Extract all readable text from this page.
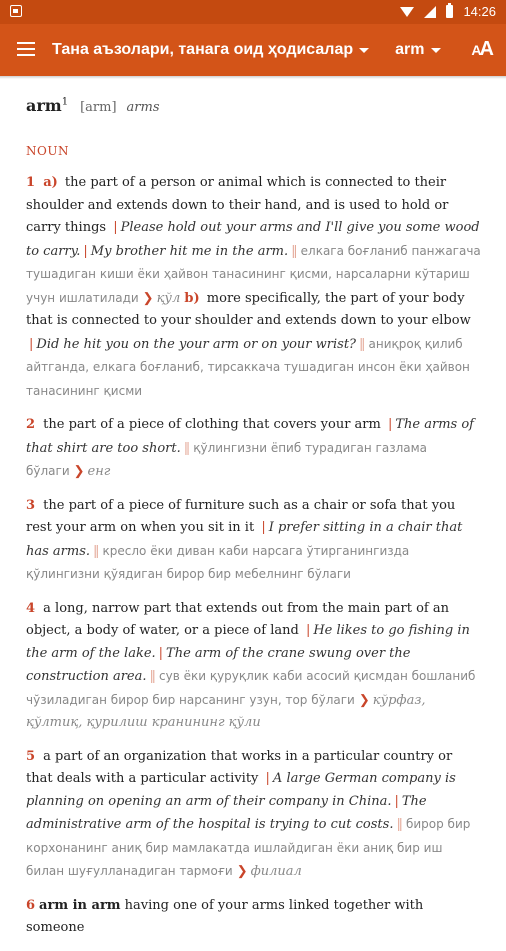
14:26
Тана аъзолари, танага оид ҳодисалар	arm	AA
arm$^1$ [arm] arms
NOUN
1 a) the part of a person or animal which is connected to their shoulder and extends down to their hand, and is used to hold or carry things | Please hold out your arms and I'll give you some wood to carry. | My brother hit me in the arm. ‖ елкага боғланиб панжагача тушадиган киши ёки ҳайвон танасининг қисми, нарсаларни кўтариш учун ишлатилади ❯ қўл b) more specifically, the part of your body that is connected to your shoulder and extends down to your elbow | Did he hit you on the your arm or on your wrist? ‖ аниқроқ қилиб айтганда, елкага боғланиб, тирсаккача тушадиган инсон ёки ҳайвон танасининг қисми
2 the part of a piece of clothing that covers your arm | The arms of that shirt are too short. ‖ қўлингизни ёпиб турадиган газлама бўлаги ❯ енг
3 the part of a piece of furniture such as a chair or sofa that you rest your arm on when you sit in it | I prefer sitting in a chair that has arms. ‖ кресло ёки диван каби нарсага ўтирганингизда қўлингизни қўядиган бирор бир мебелнинг бўлаги
4 a long, narrow part that extends out from the main part of an object, a body of water, or a piece of land | He likes to go fishing in the arm of the lake. | The arm of the crane swung over the construction area. ‖ сув ёки қуруқлик каби асосий қисмдан бошланиб чўзиладиган бирор бир нарсанинг узун, тор бўлаги ❯ кўрфаз, қўлтиқ, қурилиш кранининг қўли
5 a part of an organization that works in a particular country or that deals with a particular activity | A large German company is planning on opening an arm of their company in China. | The administrative arm of the hospital is trying to cut costs. ‖ бирор бир корхонанинг аниқ бир мамлакатда ишлайдиган ёки аниқ бир иш билан шуғулланадиган тармоғи ❯ филиал
6 arm in arm having one of your arms linked together with someone
